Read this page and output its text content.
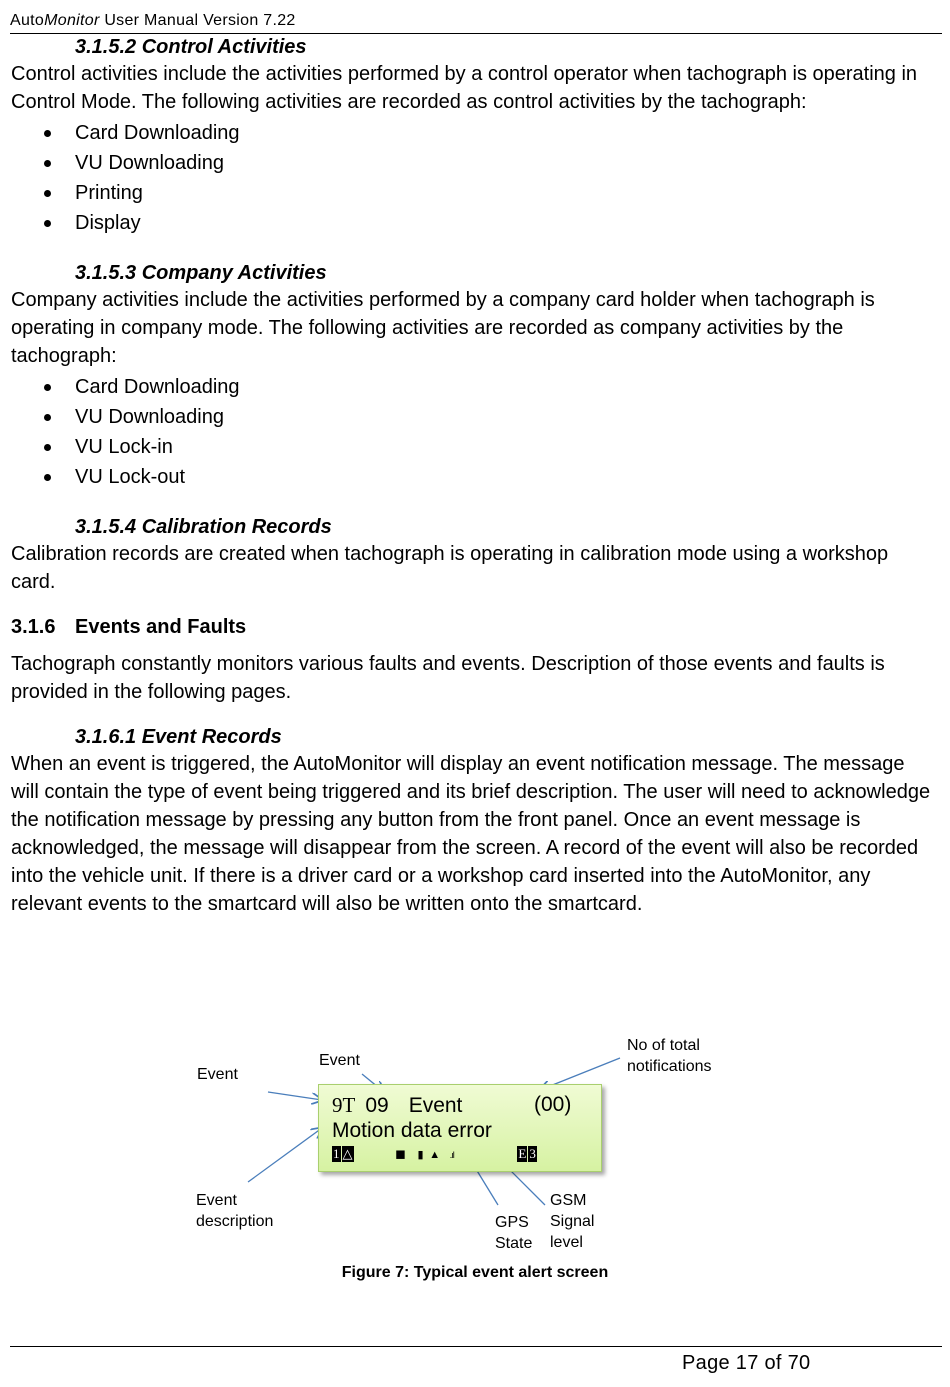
AutoMonitor User Manual Version 7.22
3.1.5.2 Control Activities

Control activities include the activities performed by a control operator when tachograph is operating in Control Mode. The following activities are recorded as control activities by the tachograph:

Card Downloading
VU Downloading
Printing
Display
3.1.5.3 Company Activities

Company activities include the activities performed by a company card holder when tachograph is operating in company mode. The following activities are recorded as company activities by the tachograph:

Card Downloading
VU Downloading
VU Lock-in
VU Lock-out
3.1.5.4 Calibration Records

Calibration records are created when tachograph is operating in calibration mode using a workshop card.

3.1.6 Events and Faults

Tachograph constantly monitors various faults and events. Description of those events and faults is provided in the following pages.

3.1.6.1 Event Records

When an event is triggered, the AutoMonitor will display an event notification message. The message will contain the type of event being triggered and its brief description. The user will need to acknowledge the notification message by pressing any button from the front panel. Once an event message is acknowledged, the message will disappear from the screen. A record of the event will also be recorded into the vehicle unit. If there is a driver card or a workshop card inserted into the AutoMonitor, any relevant events to the smartcard will also be written onto the smartcard.

Event
Event
No of total
notifications
Event
description	GPS
State
GSM
Signal
level
9T 09 Event	(00)
Motion data error
1 △	◼ ▮ ▲ .ıl	E 3
Figure 7: Typical event alert screen
Page 17 of 70
